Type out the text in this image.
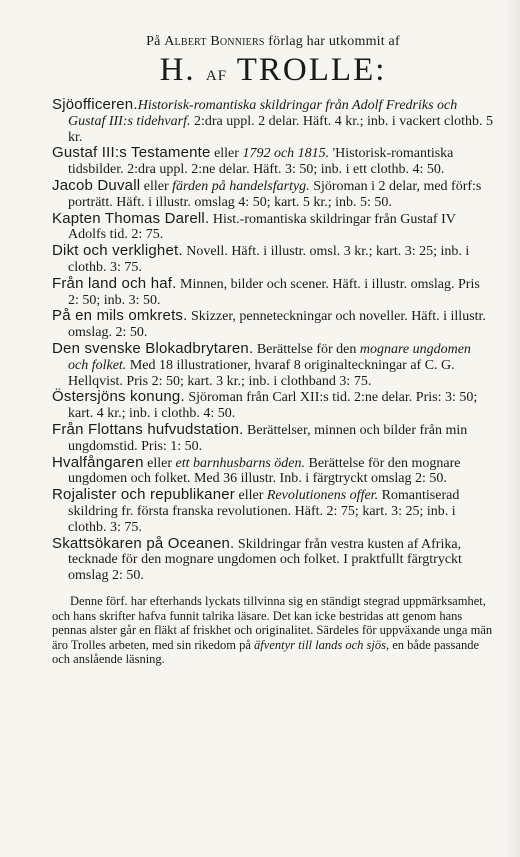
På Albert Bonniers förlag har utkommit af
H. af TROLLE:

Sjöofficeren.Historisk-romantiska skildringar från Adolf Fredriks och Gustaf III:s tidehvarf. 2:dra uppl. 2 delar. Häft. 4 kr.; inb. i vackert clothb. 5 kr.

Gustaf III:s Testamente eller 1792 och 1815. 'Historisk-romantiska tidsbilder. 2:dra uppl. 2:ne delar. Häft. 3: 50; inb. i ett clothb. 4: 50.

Jacob Duvall eller färden på handelsfartyg. Sjöroman i 2 delar, med förf:s porträtt. Häft. i illustr. omslag 4: 50; kart. 5 kr.; inb. 5: 50.

Kapten Thomas Darell. Hist.-romantiska skildringar från Gustaf IV Adolfs tid. 2: 75.

Dikt och verklighet. Novell. Häft. i illustr. omsl. 3 kr.; kart. 3: 25; inb. i clothb. 3: 75.

Från land och haf. Minnen, bilder och scener. Häft. i illustr. omslag. Pris 2: 50; inb. 3: 50.

På en mils omkrets. Skizzer, penneteckningar och noveller. Häft. i illustr. omslag. 2: 50.

Den svenske Blokadbrytaren. Berättelse för den mognare ungdomen och folket. Med 18 illustrationer, hvaraf 8 originalteckningar af C. G. Hellqvist. Pris 2: 50; kart. 3 kr.; inb. i clothband 3: 75.

Östersjöns konung. Sjöroman från Carl XII:s tid. 2:ne delar. Pris: 3: 50; kart. 4 kr.; inb. i clothb. 4: 50.

Från Flottans hufvudstation. Berättelser, minnen och bilder från min ungdomstid. Pris: 1: 50.

Hvalfångaren eller ett barnhusbarns öden. Berättelse för den mognare ungdomen och folket. Med 36 illustr. Inb. i färgtryckt omslag 2: 50.

Rojalister och republikaner eller Revolutionens offer. Romantiserad skildring fr. första franska revolutionen. Häft. 2: 75; kart. 3: 25; inb. i clothb. 3: 75.

Skattsökaren på Oceanen. Skildringar från vestra kusten af Afrika, tecknade för den mognare ungdomen och folket. I praktfullt färgtryckt omslag 2: 50.

Denne förf. har efterhands lyckats tillvinna sig en ständigt stegrad uppmärksamhet, och hans skrifter hafva funnit talrika läsare. Det kan icke bestridas att genom hans pennas alster går en fläkt af friskhet och originalitet. Särdeles för uppväxande unga män äro Trolles arbeten, med sin rikedom på äfventyr till lands och sjös, en både passande och anslående läsning.
